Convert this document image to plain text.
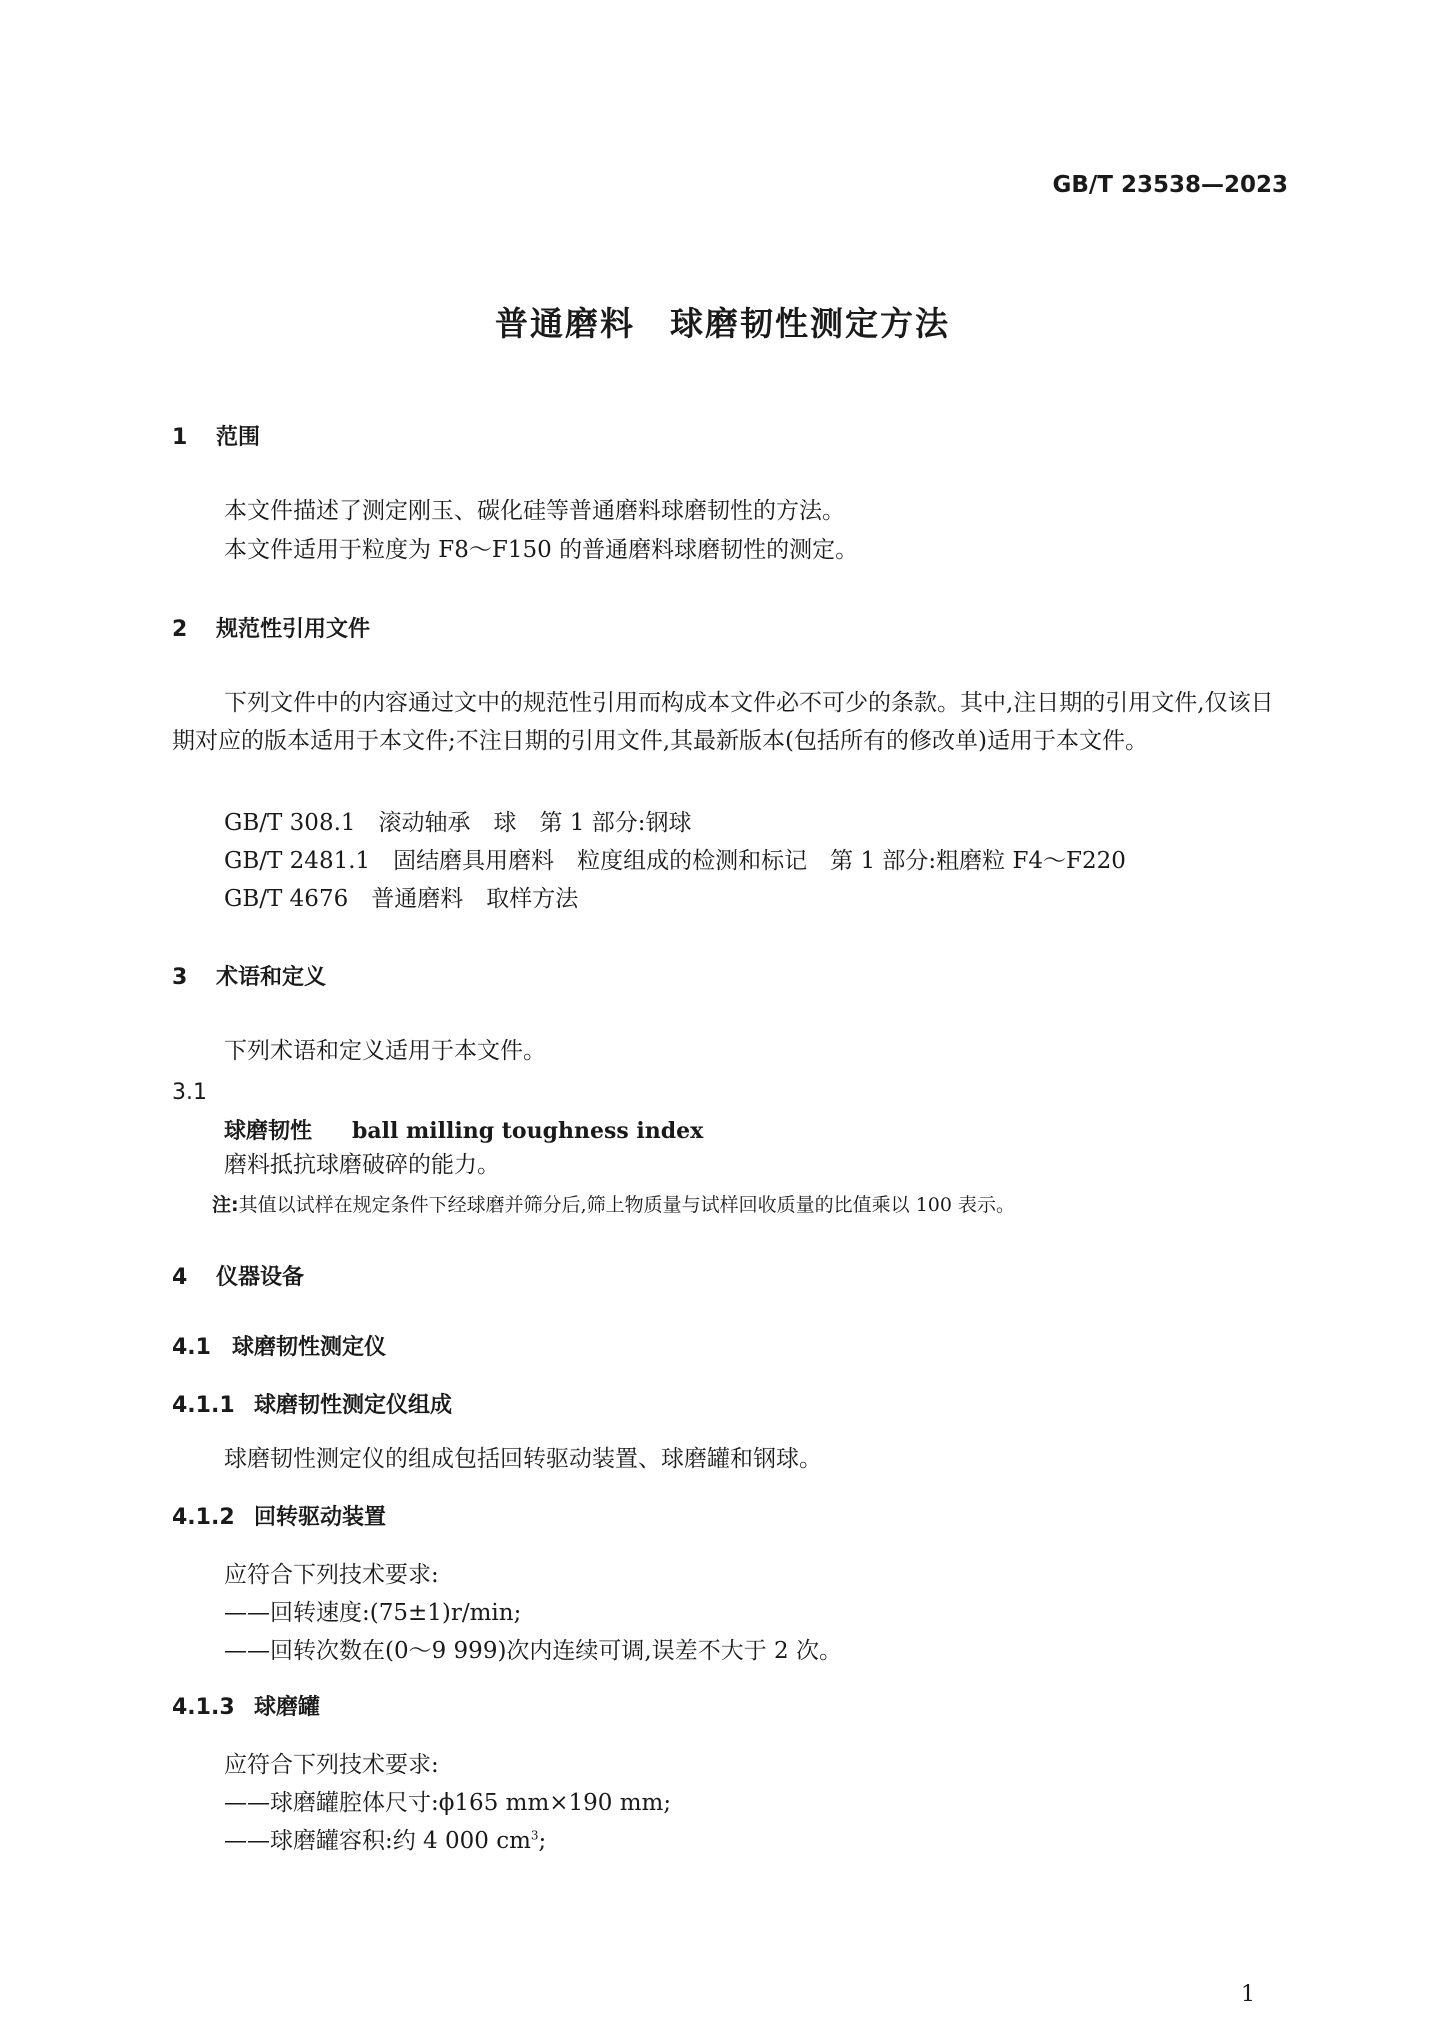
GB/T 23538—2023
普通磨料　球磨韧性测定方法
1 范围
本文件描述了测定刚玉、碳化硅等普通磨料球磨韧性的方法。
本文件适用于粒度为 F8～F150 的普通磨料球磨韧性的测定。
2 规范性引用文件

下列文件中的内容通过文中的规范性引用而构成本文件必不可少的条款。其中,注日期的引用文件,仅该日期对应的版本适用于本文件;不注日期的引用文件,其最新版本(包括所有的修改单)适用于本文件。

GB/T 308.1　滚动轴承　球　第 1 部分:钢球
GB/T 2481.1　固结磨具用磨料　粒度组成的检测和标记　第 1 部分:粗磨粒 F4～F220
GB/T 4676　普通磨料　取样方法
3 术语和定义
下列术语和定义适用于本文件。
3.1
球磨韧性 ball milling toughness index
磨料抵抗球磨破碎的能力。
注:其值以试样在规定条件下经球磨并筛分后,筛上物质量与试样回收质量的比值乘以 100 表示。
4 仪器设备
4.1 球磨韧性测定仪
4.1.1 球磨韧性测定仪组成
球磨韧性测定仪的组成包括回转驱动装置、球磨罐和钢球。
4.1.2 回转驱动装置
应符合下列技术要求:
——回转速度:(75±1)r/min;
——回转次数在(0～9 999)次内连续可调,误差不大于 2 次。
4.1.3 球磨罐
应符合下列技术要求:
——球磨罐腔体尺寸:ϕ165 mm×190 mm;
——球磨罐容积:约 4 000 $cm^3$;
1
